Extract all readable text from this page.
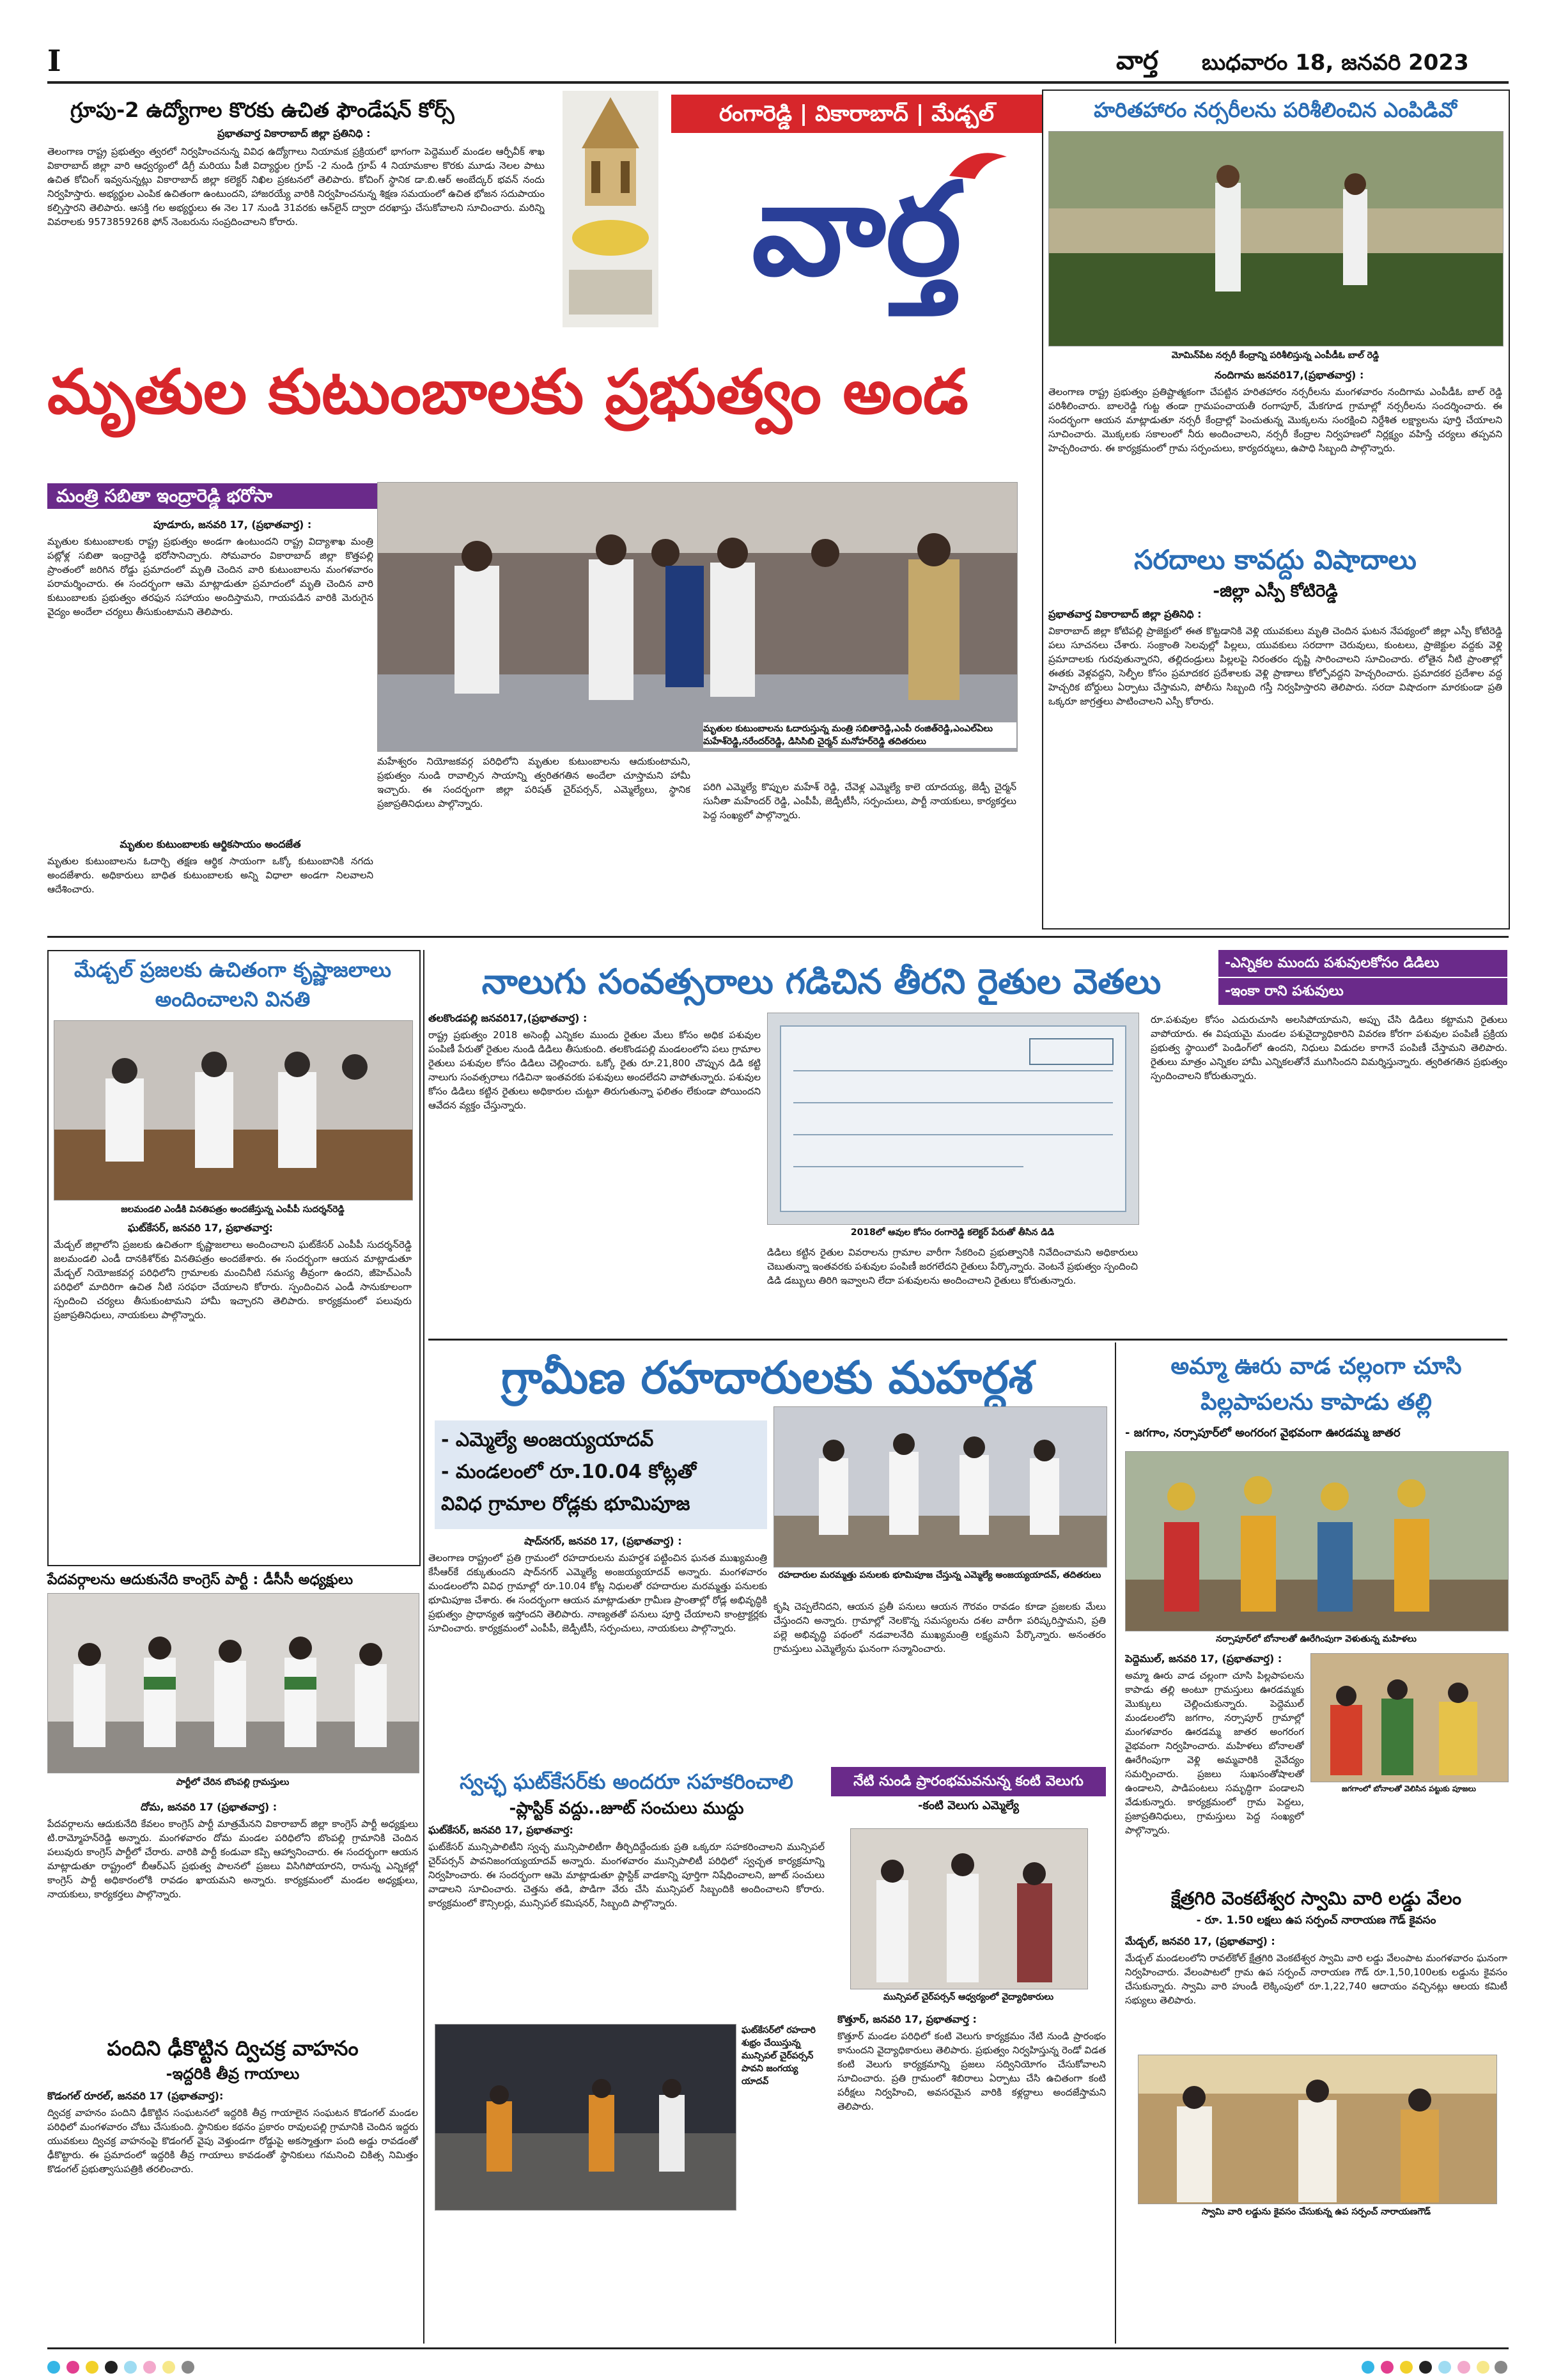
I	వార్త బుధవారం 18, జనవరి 2023
గ్రూపు-2 ఉద్యోగాల కొరకు ఉచిత ఫౌండేషన్ కోర్స్
ప్రభాతవార్త వికారాబాద్ జిల్లా ప్రతినిధి :
తెలంగాణ రాష్ట్ర ప్రభుత్వం త్వరలో నిర్వహించనున్న వివిధ ఉద్యోగాలు నియామక ప్రక్రియలో భాగంగా పెద్దెముల్ మండల ఆర్పీవీక్ శాఖ వికారాబాద్ జిల్లా వారి ఆధ్వర్యంలో డిగ్రీ మరియు పీజీ విద్యార్థుల గ్రూప్ -2 నుండి గ్రూప్ 4 నియామకాల కొరకు మూడు నెలల పాటు ఉచిత కోచింగ్ ఇవ్వనున్నట్లు వికారాబాద్ జిల్లా కలెక్టర్ నిఖిల ప్రకటనలో తెలిపారు. కోచింగ్ స్థానిక డా.బి.ఆర్ అంబేద్కర్ భవన్ నందు నిర్వహిస్తారు. అభ్యర్థుల ఎంపిక ఉచితంగా ఉంటుందని, హాజరయ్యే వారికి నిర్వహించనున్న శిక్షణ సమయంలో ఉచిత భోజన సదుపాయం కల్పిస్తారని తెలిపారు. ఆసక్తి గల అభ్యర్థులు ఈ నెల 17 నుండి 31వరకు ఆన్‌లైన్ ద్వారా దరఖాస్తు చేసుకోవాలని సూచించారు. మరిన్ని వివరాలకు 9573859268 ఫోన్ నెంబరును సంప్రదించాలని కోరారు.
రంగారెడ్డి | వికారాబాద్ | మేడ్చల్
వార్త
హరితహారం నర్సరీలను పరిశీలించిన ఎంపిడివో
మోమిన్‌పేట నర్సరీ కేంద్రాన్ని పరిశీలిస్తున్న ఎంపీడీఓ బాల్ రెడ్డి
నందిగామ జనవరి17,(ప్రభాతవార్త) :
తెలంగాణ రాష్ట్ర ప్రభుత్వం ప్రతిష్టాత్మకంగా చేపట్టిన హరితహారం నర్సరీలను మంగళవారం నందిగామ ఎంపీడీఓ బాల్ రెడ్డి పరిశీలించారు. బాలరెడ్డి గుట్ట తండా గ్రామపంచాయతీ రంగాపూర్, మేకగూడ గ్రామాల్లో నర్సరీలను సందర్శించారు. ఈ సందర్భంగా ఆయన మాట్లాడుతూ నర్సరీ కేంద్రాల్లో పెంచుతున్న మొక్కలను సంరక్షించి నిర్దేశిత లక్ష్యాలను పూర్తి చేయాలని సూచించారు. మొక్కలకు సకాలంలో నీరు అందించాలని, నర్సరీ కేంద్రాల నిర్వహణలో నిర్లక్ష్యం వహిస్తే చర్యలు తప్పవని హెచ్చరించారు. ఈ కార్యక్రమంలో గ్రామ సర్పంచులు, కార్యదర్శులు, ఉపాధి సిబ్బంది పాల్గొన్నారు.
సరదాలు కావద్దు విషాదాలు
-జిల్లా ఎస్పీ కోటిరెడ్డి
ప్రభాతవార్త వికారాబాద్ జిల్లా ప్రతినిధి :
వికారాబాద్ జిల్లా కోటిపల్లి ప్రాజెక్టులో ఈత కొట్టడానికి వెళ్లి యువకులు మృతి చెందిన ఘటన నేపథ్యంలో జిల్లా ఎస్పీ కోటిరెడ్డి పలు సూచనలు చేశారు. సంక్రాంతి సెలవుల్లో పిల్లలు, యువకులు సరదాగా చెరువులు, కుంటలు, ప్రాజెక్టుల వద్దకు వెళ్లి ప్రమాదాలకు గురవుతున్నారని, తల్లిదండ్రులు పిల్లలపై నిరంతరం దృష్టి సారించాలని సూచించారు. లోతైన నీటి ప్రాంతాల్లో ఈతకు వెళ్లవద్దని, సెల్ఫీల కోసం ప్రమాదకర ప్రదేశాలకు వెళ్లి ప్రాణాలు కోల్పోవద్దని హెచ్చరించారు. ప్రమాదకర ప్రదేశాల వద్ద హెచ్చరిక బోర్డులు ఏర్పాటు చేస్తామని, పోలీసు సిబ్బంది గస్తీ నిర్వహిస్తారని తెలిపారు. సరదా విషాదంగా మారకుండా ప్రతి ఒక్కరూ జాగ్రత్తలు పాటించాలని ఎస్పీ కోరారు.
మృతుల కుటుంబాలకు ప్రభుత్వం అండ
మంత్రి సబితా ఇంద్రారెడ్డి భరోసా
పూడూరు, జనవరి 17, (ప్రభాతవార్త) :
మృతుల కుటుంబాలకు రాష్ట్ర ప్రభుత్వం అండగా ఉంటుందని రాష్ట్ర విద్యాశాఖ మంత్రి పట్లోళ్ల సబితా ఇంద్రారెడ్డి భరోసానిచ్చారు. సోమవారం వికారాబాద్ జిల్లా కొత్తపల్లి ప్రాంతంలో జరిగిన రోడ్డు ప్రమాదంలో మృతి చెందిన వారి కుటుంబాలను మంగళవారం పరామర్శించారు. ఈ సందర్భంగా ఆమె మాట్లాడుతూ ప్రమాదంలో మృతి చెందిన వారి కుటుంబాలకు ప్రభుత్వం తరఫున సహాయం అందిస్తామని, గాయపడిన వారికి మెరుగైన వైద్యం అందేలా చర్యలు తీసుకుంటామని తెలిపారు.
మృతుల కుటుంబాలకు ఆర్థికసాయం అందజేత
మృతుల కుటుంబాలను ఓదార్చి తక్షణ ఆర్థిక సాయంగా ఒక్కో కుటుంబానికి నగదు అందజేశారు. అధికారులు బాధిత కుటుంబాలకు అన్ని విధాలా అండగా నిలవాలని ఆదేశించారు.
మహేశ్వరం నియోజకవర్గ పరిధిలోని మృతుల కుటుంబాలను ఆదుకుంటామని, ప్రభుత్వం నుండి రావాల్సిన సాయాన్ని త్వరితగతిన అందేలా చూస్తామని హామీ ఇచ్చారు. ఈ సందర్భంగా జిల్లా పరిషత్ చైర్‌పర్సన్, ఎమ్మెల్యేలు, స్థానిక ప్రజాప్రతినిధులు పాల్గొన్నారు.
మృతుల కుటుంబాలను ఓదారుస్తున్న మంత్రి సబితారెడ్డి,ఎంపీ రంజిత్‌రెడ్డి,ఎంఎల్‌ఏలు మహేశ్‌రెడ్డి,నరేందర్‌రెడ్డి, డిసిసిబి చైర్మన్ మనోహర్‌రెడ్డి తదితరులు
పరిగి ఎమ్మెల్యే కొప్పుల మహేశ్ రెడ్డి, చేవెళ్ల ఎమ్మెల్యే కాలె యాదయ్య, జెడ్పీ చైర్మన్ సునీతా మహేందర్ రెడ్డి, ఎంపీపీ, జెడ్పీటీసీ, సర్పంచులు, పార్టీ నాయకులు, కార్యకర్తలు పెద్ద సంఖ్యలో పాల్గొన్నారు.
మేడ్చల్ ప్రజలకు ఉచితంగా కృష్ణాజలాలు అందించాలని వినతి
జలమండలి ఎండీకి వినతిపత్రం అందజేస్తున్న ఎంపీపీ సుదర్శన్‌రెడ్డి
ఘట్‌కేసర్, జనవరి 17, ప్రభాతవార్త:
మేడ్చల్ జిల్లాలోని ప్రజలకు ఉచితంగా కృష్ణాజలాలు అందించాలని ఘట్‌కేసర్ ఎంపీపీ సుదర్శన్‌రెడ్డి జలమండలి ఎండీ దానకిశోర్‌కు వినతిపత్రం అందజేశారు. ఈ సందర్భంగా ఆయన మాట్లాడుతూ మేడ్చల్ నియోజకవర్గ పరిధిలోని గ్రామాలకు మంచినీటి సమస్య తీవ్రంగా ఉందని, జీహెచ్‌ఎంసీ పరిధిలో మాదిరిగా ఉచిత నీటి సరఫరా చేయాలని కోరారు. స్పందించిన ఎండీ సానుకూలంగా స్పందించి చర్యలు తీసుకుంటామని హామీ ఇచ్చారని తెలిపారు. కార్యక్రమంలో పలువురు ప్రజాప్రతినిధులు, నాయకులు పాల్గొన్నారు.
పేదవర్గాలను ఆదుకునేది కాంగ్రెస్ పార్టీ : డీసీసీ అధ్యక్షులు
పార్టీలో చేరిన బొంపల్లి గ్రామస్తులు
దోమ, జనవరి 17 (ప్రభాతవార్త) :
పేదవర్గాలను ఆదుకునేది కేవలం కాంగ్రెస్ పార్టీ మాత్రమేనని వికారాబాద్ జిల్లా కాంగ్రెస్ పార్టీ అధ్యక్షులు టి.రామ్మోహన్‌రెడ్డి అన్నారు. మంగళవారం దోమ మండల పరిధిలోని బొంపల్లి గ్రామానికి చెందిన పలువురు కాంగ్రెస్ పార్టీలో చేరారు. వారికి పార్టీ కండువా కప్పి ఆహ్వానించారు. ఈ సందర్భంగా ఆయన మాట్లాడుతూ రాష్ట్రంలో బీఆర్ఎస్ ప్రభుత్వ పాలనలో ప్రజలు విసిగిపోయారని, రానున్న ఎన్నికల్లో కాంగ్రెస్ పార్టీ అధికారంలోకి రావడం ఖాయమని అన్నారు. కార్యక్రమంలో మండల అధ్యక్షులు, నాయకులు, కార్యకర్తలు పాల్గొన్నారు.
పందిని ఢీకొట్టిన ద్విచక్ర వాహనం
-ఇద్దరికి తీవ్ర గాయాలు
కొడంగల్ రూరల్, జనవరి 17 (ప్రభాతవార్త):
ద్విచక్ర వాహనం పందిని ఢీకొట్టిన సంఘటనలో ఇద్దరికి తీవ్ర గాయాలైన సంఘటన కొడంగల్ మండల పరిధిలో మంగళవారం చోటు చేసుకుంది. స్థానికుల కథనం ప్రకారం రావులపల్లి గ్రామానికి చెందిన ఇద్దరు యువకులు ద్విచక్ర వాహనంపై కొడంగల్ వైపు వెళ్తుండగా రోడ్డుపై అకస్మాత్తుగా పంది అడ్డు రావడంతో ఢీకొట్టారు. ఈ ప్రమాదంలో ఇద్దరికి తీవ్ర గాయాలు కావడంతో స్థానికులు గమనించి చికిత్స నిమిత్తం కొడంగల్ ప్రభుత్వాసుపత్రికి తరలించారు.
నాలుగు సంవత్సరాలు గడిచిన తీరని రైతుల వెతలు	-ఎన్నికల ముందు పశువులకోసం డిడిలు
-ఇంకా రాని పశువులు
తలకొండపల్లి జనవరి17,(ప్రభాతవార్త) :
రాష్ట్ర ప్రభుత్వం 2018 అసెంబ్లీ ఎన్నికల ముందు రైతుల మేలు కోసం అధిక పశువుల పంపిణీ పేరుతో రైతుల నుండి డిడిలు తీసుకుంది. తలకొండపల్లి మండలంలోని పలు గ్రామాల రైతులు పశువుల కోసం డిడిలు చెల్లించారు. ఒక్కో రైతు రూ.21,800 చొప్పున డిడి కట్టి నాలుగు సంవత్సరాలు గడిచినా ఇంతవరకు పశువులు అందలేదని వాపోతున్నారు. పశువుల కోసం డిడిలు కట్టిన రైతులు అధికారుల చుట్టూ తిరుగుతున్నా ఫలితం లేకుండా పోయిందని ఆవేదన వ్యక్తం చేస్తున్నారు.
2018లో ఆవుల కోసం రంగారెడ్డి కలెక్టర్ పేరుతో తీసిన డిడి
డిడిలు కట్టిన రైతుల వివరాలను గ్రామాల వారీగా సేకరించి ప్రభుత్వానికి నివేదించామని అధికారులు చెబుతున్నా ఇంతవరకు పశువుల పంపిణీ జరగలేదని రైతులు పేర్కొన్నారు. వెంటనే ప్రభుత్వం స్పందించి డిడి డబ్బులు తిరిగి ఇవ్వాలని లేదా పశువులను అందించాలని రైతులు కోరుతున్నారు.
రూ.పశువుల కోసం ఎదురుచూసి అలసిపోయామని, అప్పు చేసి డిడిలు కట్టామని రైతులు వాపోయారు. ఈ విషయమై మండల పశువైద్యాధికారిని వివరణ కోరగా పశువుల పంపిణీ ప్రక్రియ ప్రభుత్వ స్థాయిలో పెండింగ్‌లో ఉందని, నిధులు విడుదల కాగానే పంపిణీ చేస్తామని తెలిపారు. రైతులు మాత్రం ఎన్నికల హామీ ఎన్నికలతోనే ముగిసిందని విమర్శిస్తున్నారు. త్వరితగతిన ప్రభుత్వం స్పందించాలని కోరుతున్నారు.
గ్రామీణ రహదారులకు మహర్దశ
- ఎమ్మెల్యే అంజయ్యయాదవ్
- మండలంలో రూ.10.04 కోట్లతో
వివిధ గ్రామాల రోడ్లకు భూమిపూజ
రహదారుల మరమ్మత్తు పనులకు భూమిపూజ చేస్తున్న ఎమ్మెల్యే అంజయ్యయాదవ్, తదితరులు
షాద్‌నగర్, జనవరి 17, (ప్రభాతవార్త) :
తెలంగాణ రాష్ట్రంలో ప్రతి గ్రామంలో రహదారులను మహర్దశ పట్టించిన ఘనత ముఖ్యమంత్రి కేసీఆర్‌కే దక్కుతుందని షాద్‌నగర్ ఎమ్మెల్యే అంజయ్యయాదవ్ అన్నారు. మంగళవారం మండలంలోని వివిధ గ్రామాల్లో రూ.10.04 కోట్ల నిధులతో రహదారుల మరమ్మత్తు పనులకు భూమిపూజ చేశారు. ఈ సందర్భంగా ఆయన మాట్లాడుతూ గ్రామీణ ప్రాంతాల్లో రోడ్ల అభివృద్ధికి ప్రభుత్వం ప్రాధాన్యత ఇస్తోందని తెలిపారు. నాణ్యతతో పనులు పూర్తి చేయాలని కాంట్రాక్టర్లకు సూచించారు. కార్యక్రమంలో ఎంపీపీ, జెడ్పీటీసీ, సర్పంచులు, నాయకులు పాల్గొన్నారు.
కృషి చెప్పలేనిదని, ఆయన ప్రతీ పనులు ఆయన గౌరవం రావడం కూడా ప్రజలకు మేలు చేస్తుందని అన్నారు. గ్రామాల్లో నెలకొన్న సమస్యలను దశల వారీగా పరిష్కరిస్తామని, ప్రతి పల్లె అభివృద్ధి పథంలో నడవాలనేది ముఖ్యమంత్రి లక్ష్యమని పేర్కొన్నారు. అనంతరం గ్రామస్తులు ఎమ్మెల్యేను ఘనంగా సన్మానించారు.
స్వచ్ఛ ఘట్‌కేసర్‌కు అందరూ సహకరించాలి
-ప్లాస్టిక్ వద్దు..జూట్ సంచులు ముద్దు
ఘట్‌కేసర్, జనవరి 17, ప్రభాతవార్త:
ఘట్‌కేసర్ మున్సిపాలిటీని స్వచ్ఛ మున్సిపాలిటీగా తీర్చిదిద్దేందుకు ప్రతి ఒక్కరూ సహకరించాలని మున్సిపల్ చైర్‌పర్సన్ పావనిజంగయ్యయాదవ్ అన్నారు. మంగళవారం మున్సిపాలిటీ పరిధిలో స్వచ్ఛత కార్యక్రమాన్ని నిర్వహించారు. ఈ సందర్భంగా ఆమె మాట్లాడుతూ ప్లాస్టిక్ వాడకాన్ని పూర్తిగా నిషేధించాలని, జూట్ సంచులు వాడాలని సూచించారు. చెత్తను తడి, పొడిగా వేరు చేసి మున్సిపల్ సిబ్బందికి అందించాలని కోరారు. కార్యక్రమంలో కౌన్సిలర్లు, మున్సిపల్ కమిషనర్, సిబ్బంది పాల్గొన్నారు.
ఘట్‌కేసర్‌లో రహదారి శుభ్రం చేయిస్తున్న మున్సిపల్ చైర్‌పర్సన్ పావని జంగయ్య యాదవ్
నేటి నుండి ప్రారంభమవనున్న కంటి వెలుగు
-కంటి వెలుగు ఎమ్మెల్యే
మున్సిపల్ చైర్‌పర్సన్ ఆధ్వర్యంలో వైద్యాధికారులు
కొత్తూర్, జనవరి 17, ప్రభాతవార్త :
కొత్తూర్ మండల పరిధిలో కంటి వెలుగు కార్యక్రమం నేటి నుండి ప్రారంభం కానుందని వైద్యాధికారులు తెలిపారు. ప్రభుత్వం నిర్వహిస్తున్న రెండో విడత కంటి వెలుగు కార్యక్రమాన్ని ప్రజలు సద్వినియోగం చేసుకోవాలని సూచించారు. ప్రతి గ్రామంలో శిబిరాలు ఏర్పాటు చేసి ఉచితంగా కంటి పరీక్షలు నిర్వహించి, అవసరమైన వారికి కళ్లద్దాలు అందజేస్తామని తెలిపారు.
అమ్మా ఊరు వాడ చల్లంగా చూసి పిల్లపాపలను కాపాడు తల్లి
- జగగాం, నర్సాపూర్‌లో అంగరంగ వైభవంగా ఊరడమ్మ జాతర
నర్సాపూర్‌లో బోనాలతో ఊరేగింపుగా వెళుతున్న మహిళలు
పెద్దెముల్, జనవరి 17, (ప్రభాతవార్త) :
జగగాంలో బోనాలతో వెలిసిన పట్టుకు పూజలు
అమ్మా ఊరు వాడ చల్లంగా చూసి పిల్లపాపలను కాపాడు తల్లి అంటూ గ్రామస్తులు ఊరడమ్మకు మొక్కులు చెల్లించుకున్నారు. పెద్దెముల్ మండలంలోని జగగాం, నర్సాపూర్ గ్రామాల్లో మంగళవారం ఊరడమ్మ జాతర అంగరంగ వైభవంగా నిర్వహించారు. మహిళలు బోనాలతో ఊరేగింపుగా వెళ్లి అమ్మవారికి నైవేద్యం సమర్పించారు. ప్రజలు సుఖసంతోషాలతో ఉండాలని, పాడిపంటలు సమృద్ధిగా పండాలని వేడుకున్నారు. కార్యక్రమంలో గ్రామ పెద్దలు, ప్రజాప్రతినిధులు, గ్రామస్తులు పెద్ద సంఖ్యలో పాల్గొన్నారు.
క్షేత్రగిరి వెంకటేశ్వర స్వామి వారి లడ్డు వేలం
- రూ. 1.50 లక్షలు ఉప సర్పంచ్ నారాయణ గౌడ్ కైవసం
మేడ్చల్, జనవరి 17, (ప్రభాతవార్త) :
మేడ్చల్ మండలంలోని రావల్‌కోల్ క్షేత్రగిరి వెంకటేశ్వర స్వామి వారి లడ్డు వేలంపాట మంగళవారం ఘనంగా నిర్వహించారు. వేలంపాటలో గ్రామ ఉప సర్పంచ్ నారాయణ గౌడ్ రూ.1,50,100లకు లడ్డును కైవసం చేసుకున్నారు. స్వామి వారి హుండీ లెక్కింపులో రూ.1,22,740 ఆదాయం వచ్చినట్లు ఆలయ కమిటీ సభ్యులు తెలిపారు.
స్వామి వారి లడ్డును కైవసం చేసుకున్న ఉప సర్పంచ్ నారాయణగౌడ్
